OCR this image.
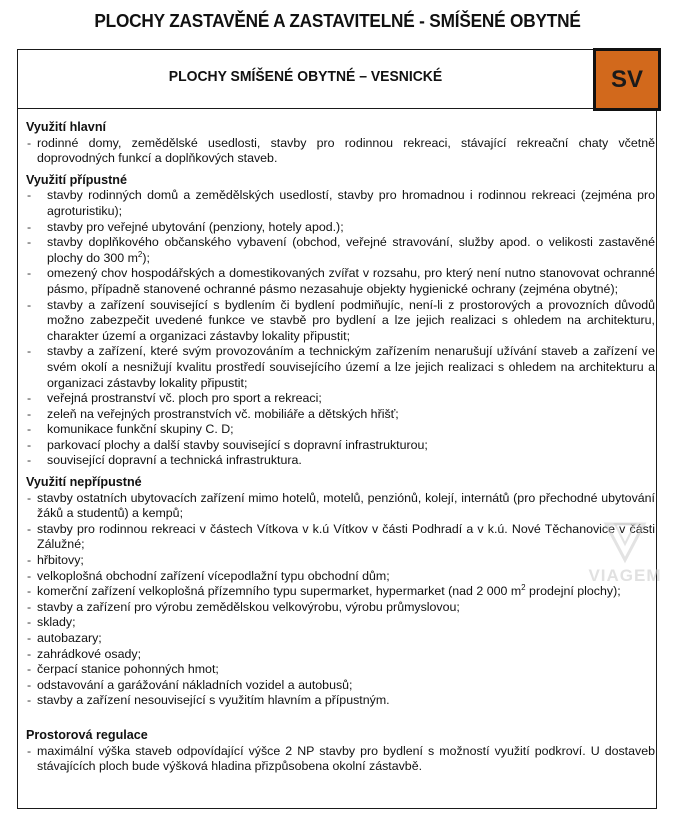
PLOCHY ZASTAVĚNÉ A ZASTAVITELNÉ - SMÍŠENÉ OBYTNÉ
PLOCHY SMÍŠENÉ OBYTNÉ – VESNICKÉ	SV
Využití hlavní
- rodinné domy, zemědělské usedlosti, stavby pro rodinnou rekreaci, stávající rekreační chaty včetně doprovodných funkcí a doplňkových staveb.
Využití přípustné
- stavby rodinných domů a zemědělských usedlostí, stavby pro hromadnou i rodinnou rekreaci (zejména pro agroturistiku);
- stavby pro veřejné ubytování (penziony, hotely apod.);
- stavby doplňkového občanského vybavení (obchod, veřejné stravování, služby apod. o velikosti zastavěné plochy do 300 $m^2$);
- omezený chov hospodářských a domestikovaných zvířat v rozsahu, pro který není nutno stanovovat ochranné pásmo, případně stanovené ochranné pásmo nezasahuje objekty hygienické ochrany (zejména obytné);
- stavby a zařízení související s bydlením či bydlení podmiňujíc, není-li z prostorových a provozních důvodů možno zabezpečit uvedené funkce ve stavbě pro bydlení a lze jejich realizaci s ohledem na architekturu, charakter území a organizaci zástavby lokality připustit;
- stavby a zařízení, které svým provozováním a technickým zařízením nenarušují užívání staveb a zařízení ve svém okolí a nesnižují kvalitu prostředí souvisejícího území a lze jejich realizaci s ohledem na architekturu a organizaci zástavby lokality připustit;
- veřejná prostranství vč. ploch pro sport a rekreaci;
- zeleň na veřejných prostranstvích vč. mobiliáře a dětských hřišť;
- komunikace funkční skupiny C. D;
- parkovací plochy a další stavby související s dopravní infrastrukturou;
- související dopravní a technická infrastruktura.
Využití nepřípustné
- stavby ostatních ubytovacích zařízení mimo hotelů, motelů, penziónů, kolejí, internátů (pro přechodné ubytování žáků a studentů) a kempů;
- stavby pro rodinnou rekreaci v částech Vítkova v k.ú Vítkov v části Podhradí a v k.ú. Nové Těchanovice v části Zálužné;
- hřbitovy;
- velkoplošná obchodní zařízení vícepodlažní typu obchodní dům;
- komerční zařízení velkoplošná přízemního typu supermarket, hypermarket (nad 2 000 $m^2$ prodejní plochy);
- stavby a zařízení pro výrobu zemědělskou velkovýrobu, výrobu průmyslovou;
- sklady;
- autobazary;
- zahrádkové osady;
- čerpací stanice pohonných hmot;
- odstavování a garážování nákladních vozidel a autobusů;
- stavby a zařízení nesouvisející s využitím hlavním a přípustným.
Prostorová regulace
- maximální výška staveb odpovídající výšce 2 NP stavby pro bydlení s možností využití podkroví. U dostaveb stávajících ploch bude výšková hladina přizpůsobena okolní zástavbě.
VIAGEM
